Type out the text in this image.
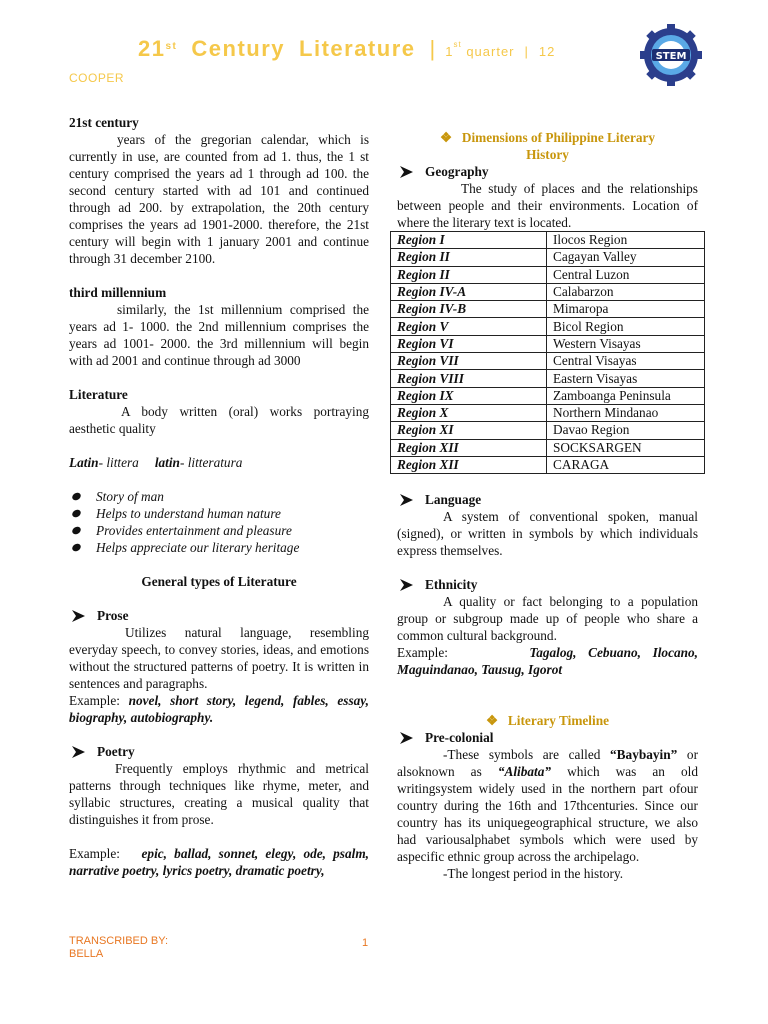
21st Century Literature | 1st quarter | 12
COOPER
STEM

21st century

years of the gregorian calendar, which is currently in use, are counted from ad 1. thus, the 1 st century comprised the years ad 1 through ad 100. the second century started with ad 101 and continued through ad 200. by extrapolation, the 20th century comprises the years ad 1901-2000. therefore, the 21st century will begin with 1 january 2001 and continue through 31 december 2100.

third millennium

similarly, the 1st millennium comprised the years ad 1- 1000. the 2nd millennium comprises the years ad 1001- 2000. the 3rd millennium will begin with ad 2001 and continue through ad 3000

Literature

A body written (oral) works portraying aesthetic quality

Latin- littera latin- litteratura

Story of man
Helps to understand human nature
Provides entertainment and pleasure
Helps appreciate our literary heritage

General types of Literature

Prose

Utilizes natural language, resembling everyday speech, to convey stories, ideas, and emotions without the structured patterns of poetry. It is written in sentences and paragraphs.

Example: novel, short story, legend, fables, essay, biography, autobiography.

Poetry

Frequently employs rhythmic and metrical patterns through techniques like rhyme, meter, and syllabic structures, creating a musical quality that distinguishes it from prose.

Example: epic, ballad, sonnet, elegy, ode, psalm, narrative poetry, lyrics poetry, dramatic poetry,

❖ Dimensions of Philippine Literary History

Geography

The study of places and the relationships between people and their environments. Location of where the literary text is located.

Region I	Ilocos Region
Region II	Cagayan Valley
Region II	Central Luzon
Region IV-A	Calabarzon
Region IV-B	Mimaropa
Region V	Bicol Region
Region VI	Western Visayas
Region VII	Central Visayas
Region VIII	Eastern Visayas
Region IX	Zamboanga Peninsula
Region X	Northern Mindanao
Region XI	Davao Region
Region XII	SOCKSARGEN
Region XII	CARAGA
Language

A system of conventional spoken, manual (signed), or written in symbols by which individuals express themselves.

Ethnicity

A quality or fact belonging to a population group or subgroup made up of people who share a common cultural background.

Example:	Tagalog, Cebuano, Ilocano, Maguindanao, Tausug, Igorot

❖ Literary Timeline

Pre-colonial

-These symbols are called “Baybayin” or alsoknown as “Alibata” which was an old writingsystem widely used in the northern part ofour country during the 16th and 17thcenturies. Since our country has its uniquegeographical structure, we also had variousalphabet symbols which were used by aspecific ethnic group across the archipelago.

-The longest period in the history.

TRANSCRIBED BY:
BELLA
1
